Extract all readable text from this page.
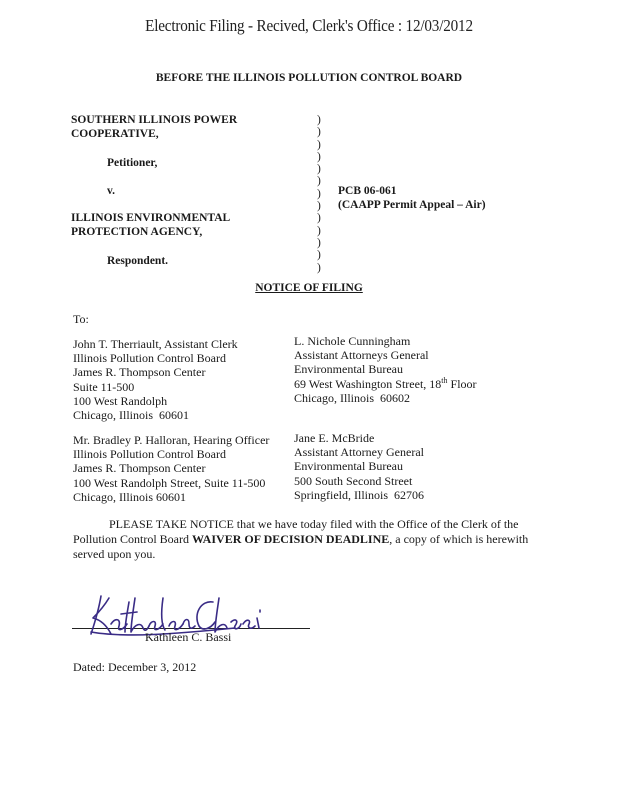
Electronic Filing - Recived, Clerk's Office : 12/03/2012
BEFORE THE ILLINOIS POLLUTION CONTROL BOARD
SOUTHERN ILLINOIS POWER
COOPERATIVE,
Petitioner,
v.
ILLINOIS ENVIRONMENTAL
PROTECTION AGENCY,
Respondent.
)
)
)
)
)
)
)
)
)
)
)
)
)
PCB 06-061
(CAAPP Permit Appeal – Air)
NOTICE OF FILING
To:
John T. Therriault, Assistant Clerk
Illinois Pollution Control Board
James R. Thompson Center
Suite 11-500
100 West Randolph
Chicago, Illinois  60601
L. Nichole Cunningham
Assistant Attorneys General
Environmental Bureau
69 West Washington Street, 18th Floor
Chicago, Illinois  60602
Mr. Bradley P. Halloran, Hearing Officer
Illinois Pollution Control Board
James R. Thompson Center
100 West Randolph Street, Suite 11-500
Chicago, Illinois 60601
Jane E. McBride
Assistant Attorney General
Environmental Bureau
500 South Second Street
Springfield, Illinois  62706
PLEASE TAKE NOTICE that we have today filed with the Office of the Clerk of the Pollution Control Board WAIVER OF DECISION DEADLINE, a copy of which is herewith served upon you.
Kathleen C. Bassi
Dated: December 3, 2012
